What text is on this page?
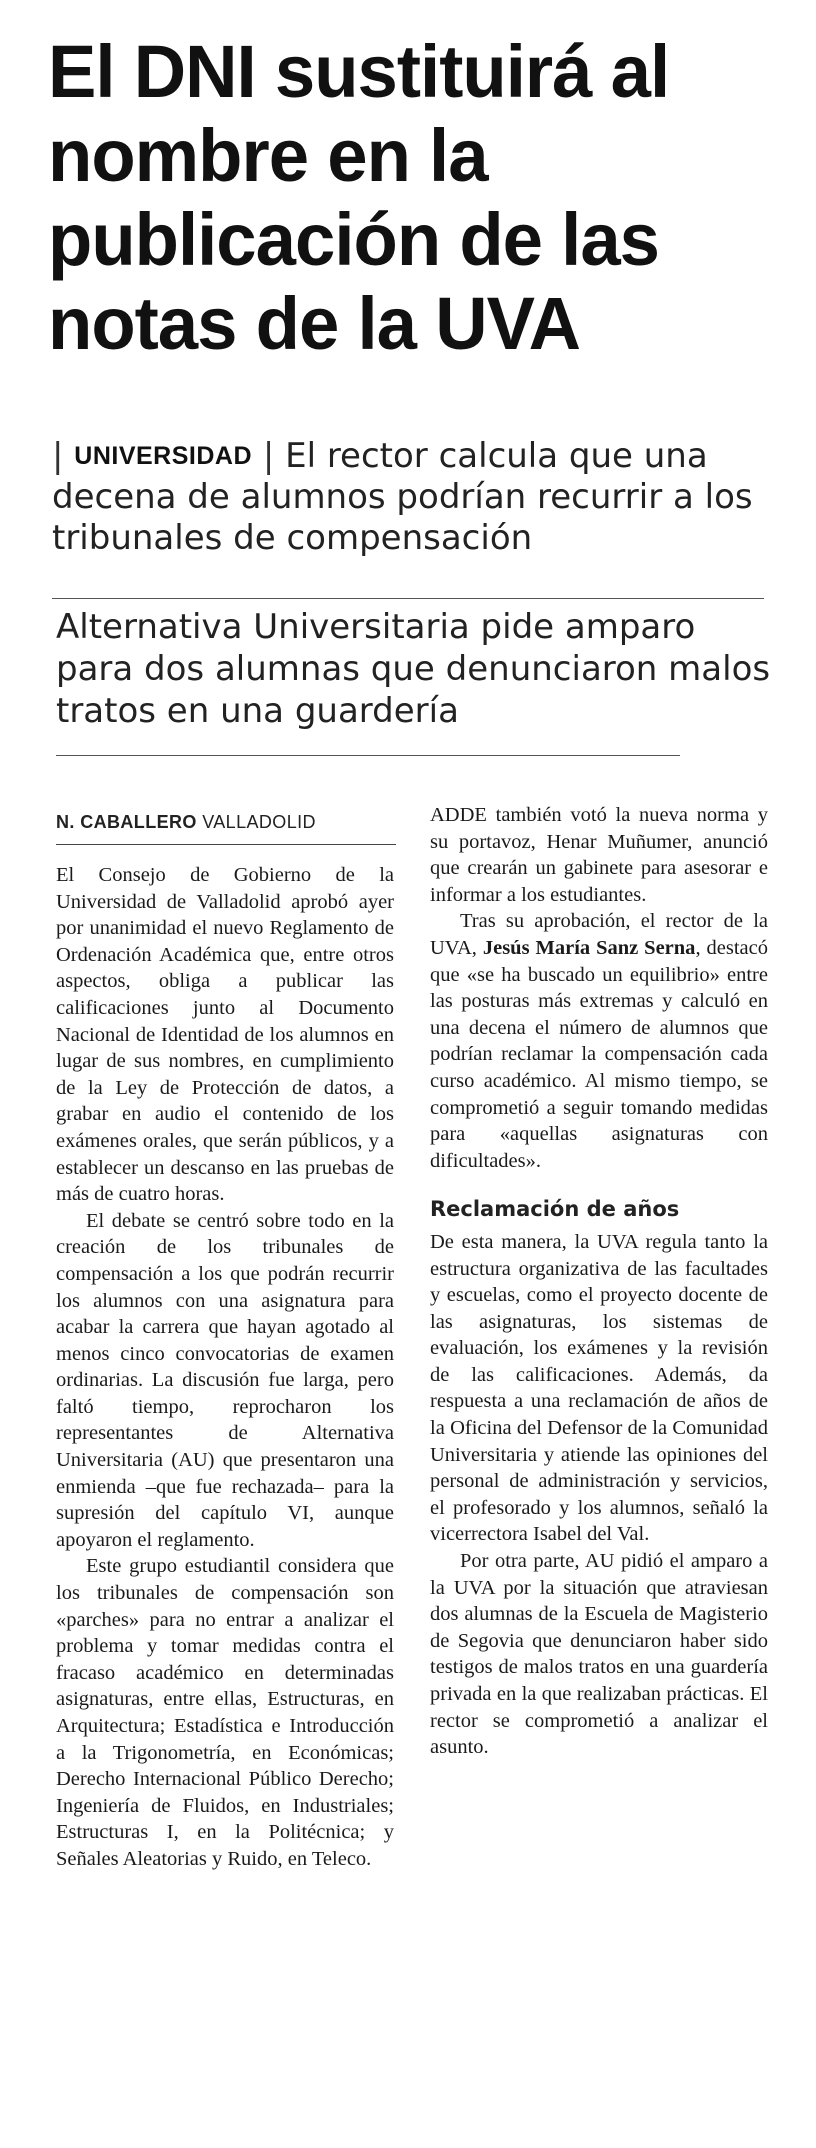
El DNI sustituirá al nombre en la publicación de las notas de la UVA

| UNIVERSIDAD | El rector calcula que una decena de alumnos podrían recurrir a los tribunales de compensación

Alternativa Universitaria pide amparo para dos alumnas que denunciaron malos tratos en una guardería

N. CABALLERO VALLADOLID

El Consejo de Gobierno de la Universidad de Valladolid aprobó ayer por unanimidad el nuevo Reglamento de Ordenación Académica que, entre otros aspectos, obliga a publicar las calificaciones junto al Documento Nacional de Identidad de los alumnos en lugar de sus nombres, en cumplimiento de la Ley de Protección de datos, a grabar en audio el contenido de los exámenes orales, que serán públicos, y a establecer un descanso en las pruebas de más de cuatro horas.

El debate se centró sobre todo en la creación de los tribunales de compensación a los que podrán recurrir los alumnos con una asignatura para acabar la carrera que hayan agotado al menos cinco convocatorias de examen ordinarias. La discusión fue larga, pero faltó tiempo, reprocharon los representantes de Alternativa Universitaria (AU) que presentaron una enmienda –que fue rechazada– para la supresión del capítulo VI, aunque apoyaron el reglamento.

Este grupo estudiantil considera que los tribunales de compensación son «parches» para no entrar a analizar el problema y tomar medidas contra el fracaso académico en determinadas asignaturas, entre ellas, Estructuras, en Arquitectura; Estadística e Introducción a la Trigonometría, en Económicas; Derecho Internacional Público Derecho; Ingeniería de Fluidos, en Industriales; Estructuras I, en la Politécnica; y Señales Aleatorias y Ruido, en Teleco.

ADDE también votó la nueva norma y su portavoz, Henar Muñumer, anunció que crearán un gabinete para asesorar e informar a los estudiantes.

Tras su aprobación, el rector de la UVA, Jesús María Sanz Serna, destacó que «se ha buscado un equilibrio» entre las posturas más extremas y calculó en una decena el número de alumnos que podrían reclamar la compensación cada curso académico. Al mismo tiempo, se comprometió a seguir tomando medidas para «aquellas asignaturas con dificultades».

Reclamación de años

De esta manera, la UVA regula tanto la estructura organizativa de las facultades y escuelas, como el proyecto docente de las asignaturas, los sistemas de evaluación, los exámenes y la revisión de las calificaciones. Además, da respuesta a una reclamación de años de la Oficina del Defensor de la Comunidad Universitaria y atiende las opiniones del personal de administración y servicios, el profesorado y los alumnos, señaló la vicerrectora Isabel del Val.

Por otra parte, AU pidió el amparo a la UVA por la situación que atraviesan dos alumnas de la Escuela de Magisterio de Segovia que denunciaron haber sido testigos de malos tratos en una guardería privada en la que realizaban prácticas. El rector se comprometió a analizar el asunto.
